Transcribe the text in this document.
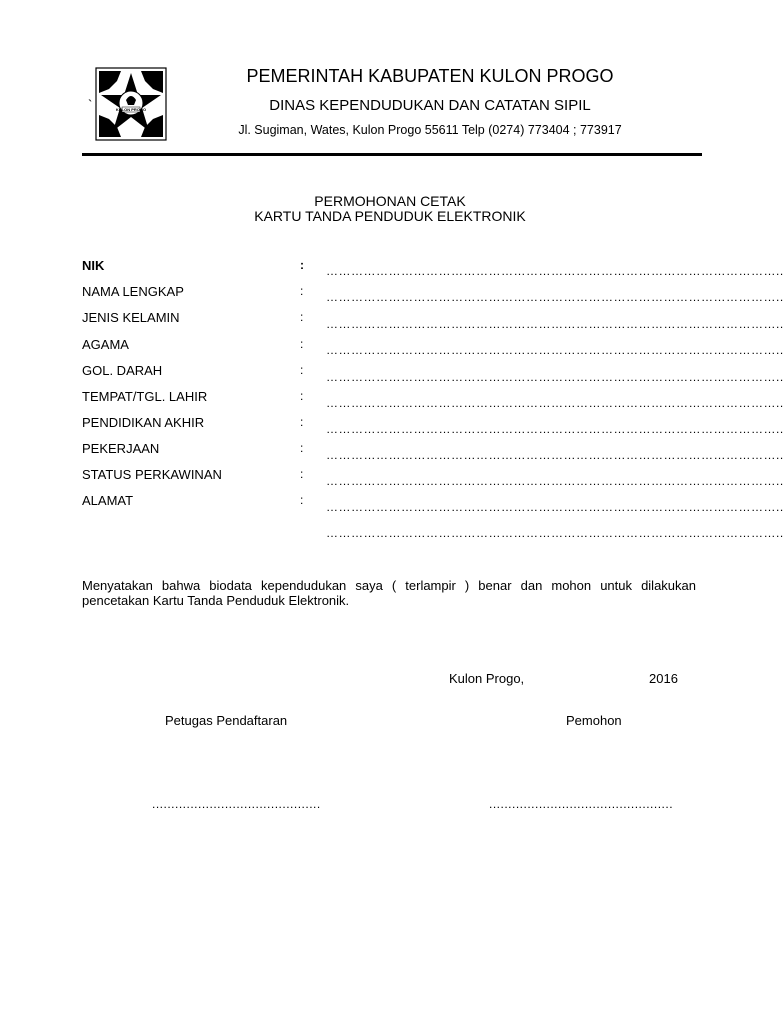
KULON PROGO
`
PEMERINTAH KABUPATEN KULON PROGO
DINAS KEPENDUDUKAN DAN CATATAN SIPIL
Jl. Sugiman, Wates, Kulon Progo 55611 Telp (0274) 773404 ; 773917
PERMOHONAN CETAK
KARTU TANDA PENDUDUK ELEKTRONIK
NIK	: ………………………………………………………………………………………………..
NAMA LENGKAP	: ………………………………………………………………………………………………..
JENIS KELAMIN	: ………………………………………………………………………………………………..
AGAMA	: ………………………………………………………………………………………………..
GOL. DARAH	: ………………………………………………………………………………………………..
TEMPAT/TGL. LAHIR	: ………………………………………………………………………………………………..
PENDIDIKAN AKHIR	: ………………………………………………………………………………………………..
PEKERJAAN	: ………………………………………………………………………………………………..
STATUS PERKAWINAN	: ………………………………………………………………………………………………..
ALAMAT	: ………………………………………………………………………………………………..
………………………………………………………………………………………………..
Menyatakan bahwa biodata kependudukan saya ( terlampir ) benar dan mohon untuk dilakukan pencetakan Kartu Tanda Penduduk Elektronik.
Kulon Progo,	2016
Petugas Pendaftaran	Pemohon
............................................	................................................
